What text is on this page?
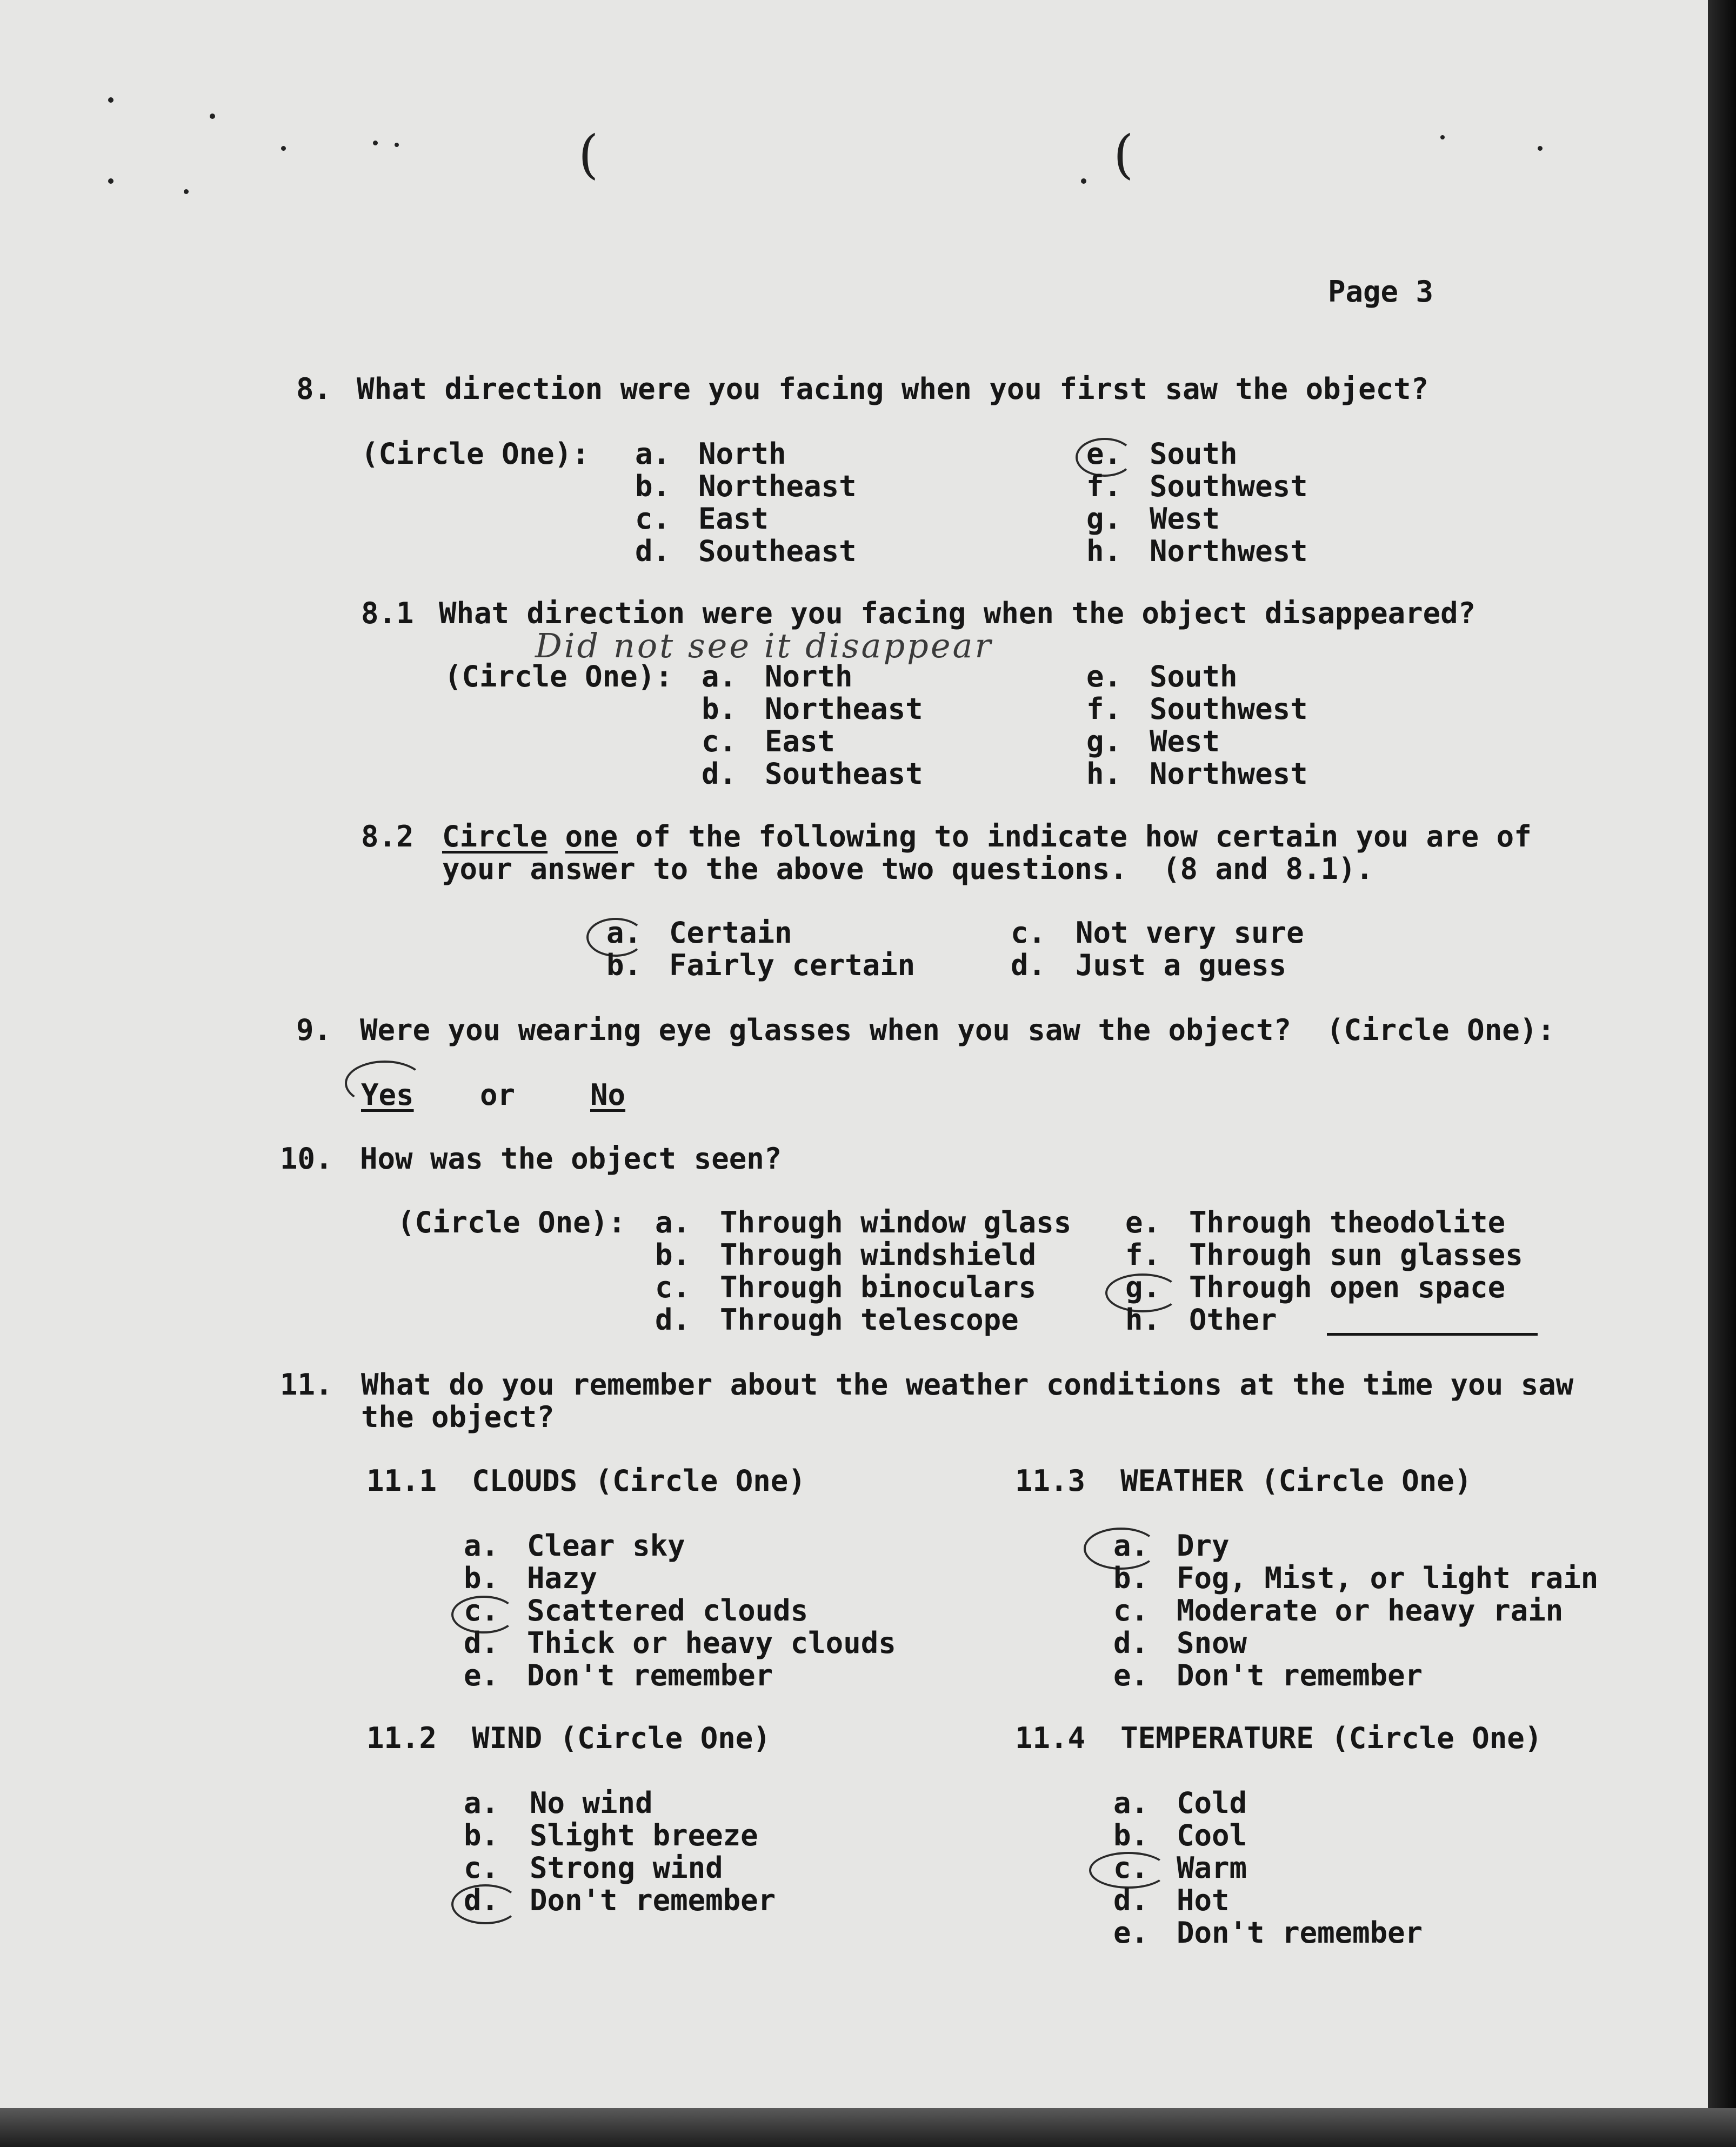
(	(
Page 3
8. What direction were you facing when you first saw the object?
(Circle One): a. North
b. Northeast
c. East
d. Southeast
e. South
f. Southwest
g. West
h. Northwest
8.1 What direction were you facing when the object disappeared?
Did not see it disappear
(Circle One): a. North
b. Northeast
c. East
d. Southeast
e. South
f. Southwest
g. West
h. Northwest
8.2 Circle one of the following to indicate how certain you are of
your answer to the above two questions.  (8 and 8.1).
a. Certain
b. Fairly certain
c. Not very sure
d. Just a guess
9. Were you wearing eye glasses when you saw the object?  (Circle One):
Yes or	No
10. How was the object seen?
(Circle One): a. Through window glass
b. Through windshield
c. Through binoculars
d. Through telescope
e. Through theodolite
f. Through sun glasses
g. Through open space
h. Other
11. What do you remember about the weather conditions at the time you saw
the object?
11.1  CLOUDS (Circle One)
a. Clear sky
b. Hazy
c. Scattered clouds
d. Thick or heavy clouds
e. Don't remember
11.2  WIND (Circle One)
a. No wind
b. Slight breeze
c. Strong wind
d. Don't remember
11.3  WEATHER (Circle One)
a. Dry
b. Fog, Mist, or light rain
c. Moderate or heavy rain
d. Snow
e. Don't remember
11.4  TEMPERATURE (Circle One)
a. Cold
b. Cool
c. Warm
d. Hot
e. Don't remember
